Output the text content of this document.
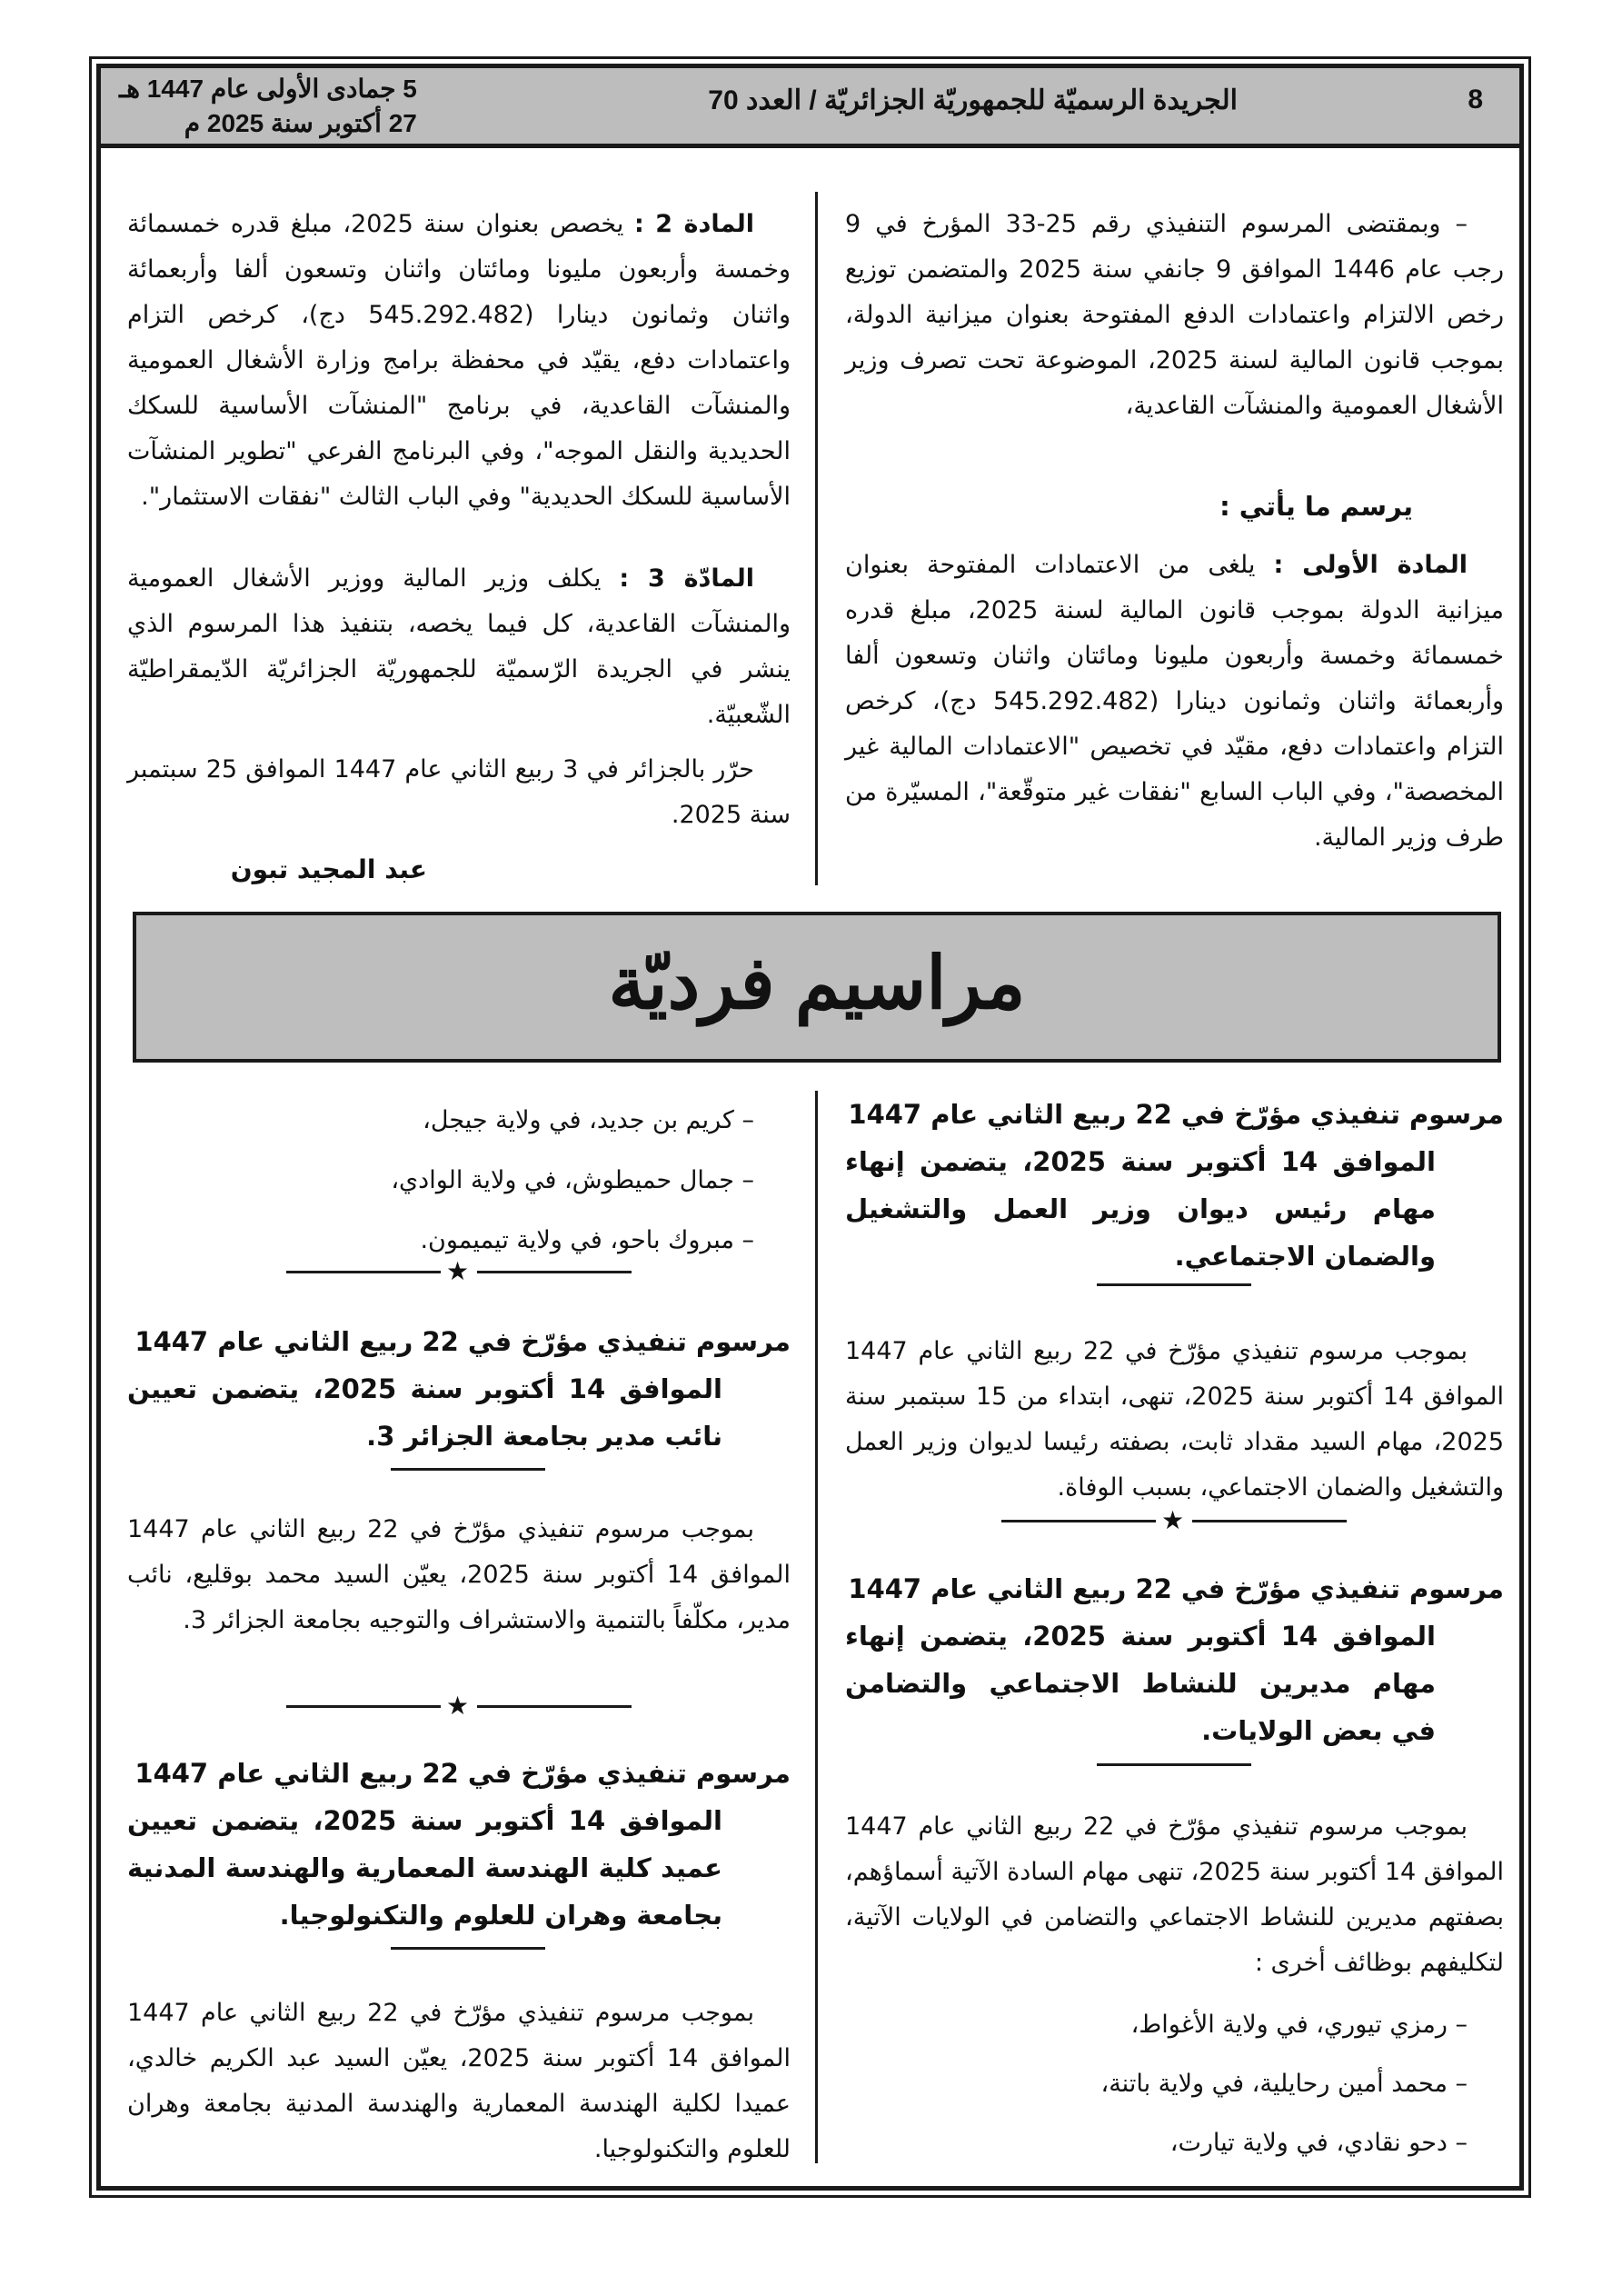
8
الجريدة الرسميّة للجمهوريّة الجزائريّة / العدد 70
5 جمادى الأولى عام 1447 هـ
27 أكتوبر سنة 2025 م

– وبمقتضى المرسوم التنفيذي رقم 25-33 المؤرخ في 9 رجب عام 1446 الموافق 9 جانفي سنة 2025 والمتضمن توزيع رخص الالتزام واعتمادات الدفع المفتوحة بعنوان ميزانية الدولة، بموجب قانون المالية لسنة 2025، الموضوعة تحت تصرف وزير الأشغال العمومية والمنشآت القاعدية،

يرسم ما يأتي :

المادة الأولى : يلغى من الاعتمادات المفتوحة بعنوان ميزانية الدولة بموجب قانون المالية لسنة 2025، مبلغ قدره خمسمائة وخمسة وأربعون مليونا ومائتان واثنان وتسعون ألفا وأربعمائة واثنان وثمانون دينارا (545.292.482 دج)، كرخص التزام واعتمادات دفع، مقيّد في تخصيص "الاعتمادات المالية غير المخصصة"، وفي الباب السابع "نفقات غير متوقّعة"، المسيّرة من طرف وزير المالية.

المادة 2 : يخصص بعنوان سنة 2025، مبلغ قدره خمسمائة وخمسة وأربعون مليونا ومائتان واثنان وتسعون ألفا وأربعمائة واثنان وثمانون دينارا (545.292.482 دج)، كرخص التزام واعتمادات دفع، يقيّد في محفظة برامج وزارة الأشغال العمومية والمنشآت القاعدية، في برنامج "المنشآت الأساسية للسكك الحديدية والنقل الموجه"، وفي البرنامج الفرعي "تطوير المنشآت الأساسية للسكك الحديدية" وفي الباب الثالث "نفقات الاستثمار".

المادّة 3 : يكلف وزير المالية ووزير الأشغال العمومية والمنشآت القاعدية، كل فيما يخصه، بتنفيذ هذا المرسوم الذي ينشر في الجريدة الرّسميّة للجمهوريّة الجزائريّة الدّيمقراطيّة الشّعبيّة.

حرّر بالجزائر في 3 ربيع الثاني عام 1447 الموافق 25 سبتمبر سنة 2025.

عبد المجيد تبون
مراسيم فرديّة

مرسوم تنفيذي مؤرّخ في 22 ربيع الثاني عام 1447
الموافق 14 أكتوبر سنة 2025، يتضمن إنهاء مهام رئيس ديوان وزير العمل والتشغيل والضمان الاجتماعي.

بموجب مرسوم تنفيذي مؤرّخ في 22 ربيع الثاني عام 1447 الموافق 14 أكتوبر سنة 2025، تنهى، ابتداء من 15 سبتمبر سنة 2025، مهام السيد مقداد ثابت، بصفته رئيسا لديوان وزير العمل والتشغيل والضمان الاجتماعي، بسبب الوفاة.

★

مرسوم تنفيذي مؤرّخ في 22 ربيع الثاني عام 1447
الموافق 14 أكتوبر سنة 2025، يتضمن إنهاء مهام مديرين للنشاط الاجتماعي والتضامن في بعض الولايات.

بموجب مرسوم تنفيذي مؤرّخ في 22 ربيع الثاني عام 1447 الموافق 14 أكتوبر سنة 2025، تنهى مهام السادة الآتية أسماؤهم، بصفتهم مديرين للنشاط الاجتماعي والتضامن في الولايات الآتية، لتكليفهم بوظائف أخرى :

– رمزي تيوري، في ولاية الأغواط،

– محمد أمين رحايلية، في ولاية باتنة،

– دحو نقادي، في ولاية تيارت،

– كريم بن جديد، في ولاية جيجل،

– جمال حميطوش، في ولاية الوادي،

– مبروك باحو، في ولاية تيميمون.

★

مرسوم تنفيذي مؤرّخ في 22 ربيع الثاني عام 1447
الموافق 14 أكتوبر سنة 2025، يتضمن تعيين نائب مدير بجامعة الجزائر 3.

بموجب مرسوم تنفيذي مؤرّخ في 22 ربيع الثاني عام 1447 الموافق 14 أكتوبر سنة 2025، يعيّن السيد محمد بوقليع، نائب مدير، مكلّفاً بالتنمية والاستشراف والتوجيه بجامعة الجزائر 3.

★

مرسوم تنفيذي مؤرّخ في 22 ربيع الثاني عام 1447
الموافق 14 أكتوبر سنة 2025، يتضمن تعيين عميد كلية الهندسة المعمارية والهندسة المدنية بجامعة وهران للعلوم والتكنولوجيا.

بموجب مرسوم تنفيذي مؤرّخ في 22 ربيع الثاني عام 1447 الموافق 14 أكتوبر سنة 2025، يعيّن السيد عبد الكريم خالدي، عميدا لكلية الهندسة المعمارية والهندسة المدنية بجامعة وهران للعلوم والتكنولوجيا.
